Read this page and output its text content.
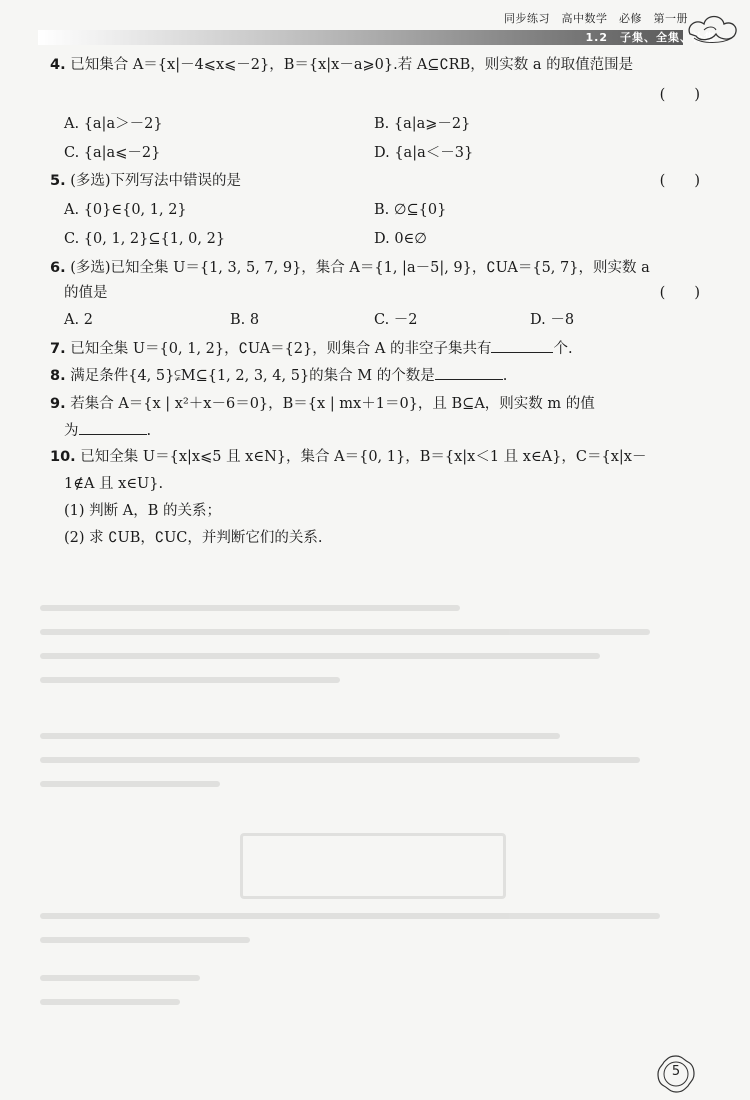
同步练习　高中数学　必修　第一册
1.2　子集、全集、补集
4. 已知集合 A＝{x|－4⩽x⩽－2}，B＝{x|x－a⩾0}.若 A⊆∁RB，则实数 a 的取值范围是
(　　)
A. {a|a＞－2}	B. {a|a⩾－2}
C. {a|a⩽－2}	D. {a|a＜－3}
5. (多选)下列写法中错误的是	(　　)
A. {0}∈{0, 1, 2}	B. ∅⊆{0}
C. {0, 1, 2}⊆{1, 0, 2}	D. 0∈∅
6. (多选)已知全集 U＝{1, 3, 5, 7, 9}，集合 A＝{1, |a－5|, 9}，∁UA＝{5, 7}，则实数 a
的值是	(　　)
A. 2	B. 8	C. －2	D. －8
7. 已知全集 U＝{0, 1, 2}，∁UA＝{2}，则集合 A 的非空子集共有	个.
8. 满足条件{4, 5}⫋M⊆{1, 2, 3, 4, 5}的集合 M 的个数是	.
9. 若集合 A＝{x | x²＋x－6＝0}，B＝{x | mx＋1＝0}，且 B⊆A，则实数 m 的值
为	.
10. 已知全集 U＝{x|x⩽5 且 x∈N}，集合 A＝{0, 1}，B＝{x|x＜1 且 x∈A}，C＝{x|x－
1∉A 且 x∈U}.
(1) 判断 A，B 的关系；
(2) 求 ∁UB，∁UC，并判断它们的关系.
5
